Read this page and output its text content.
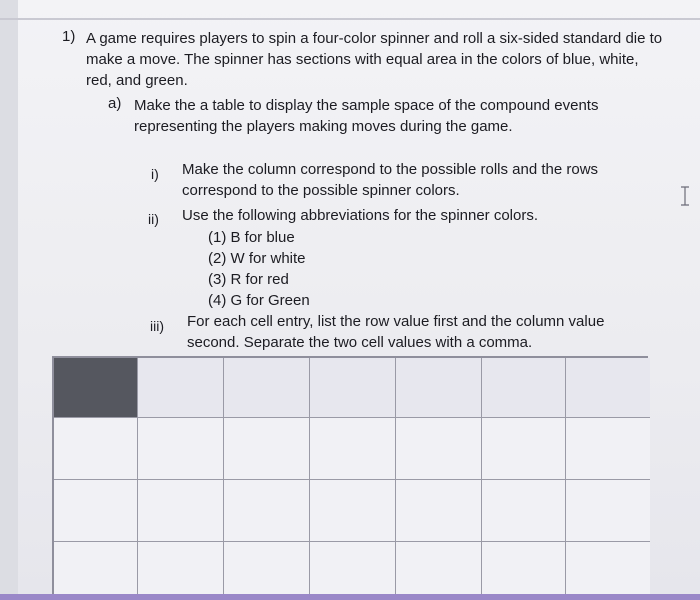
1) A game requires players to spin a four-color spinner and roll a six-sided standard die to make a move. The spinner has sections with equal area in the colors of blue, white, red, and green.
a) Make the a table to display the sample space of the compound events representing the players making moves during the game.
i) Make the column correspond to the possible rolls and the rows correspond to the possible spinner colors.
ii) Use the following abbreviations for the spinner colors.
(1) B for blue
(2) W for white
(3) R for red
(4) G for Green
iii) For each cell entry, list the row value first and the column value second. Separate the two cell values with a comma.
